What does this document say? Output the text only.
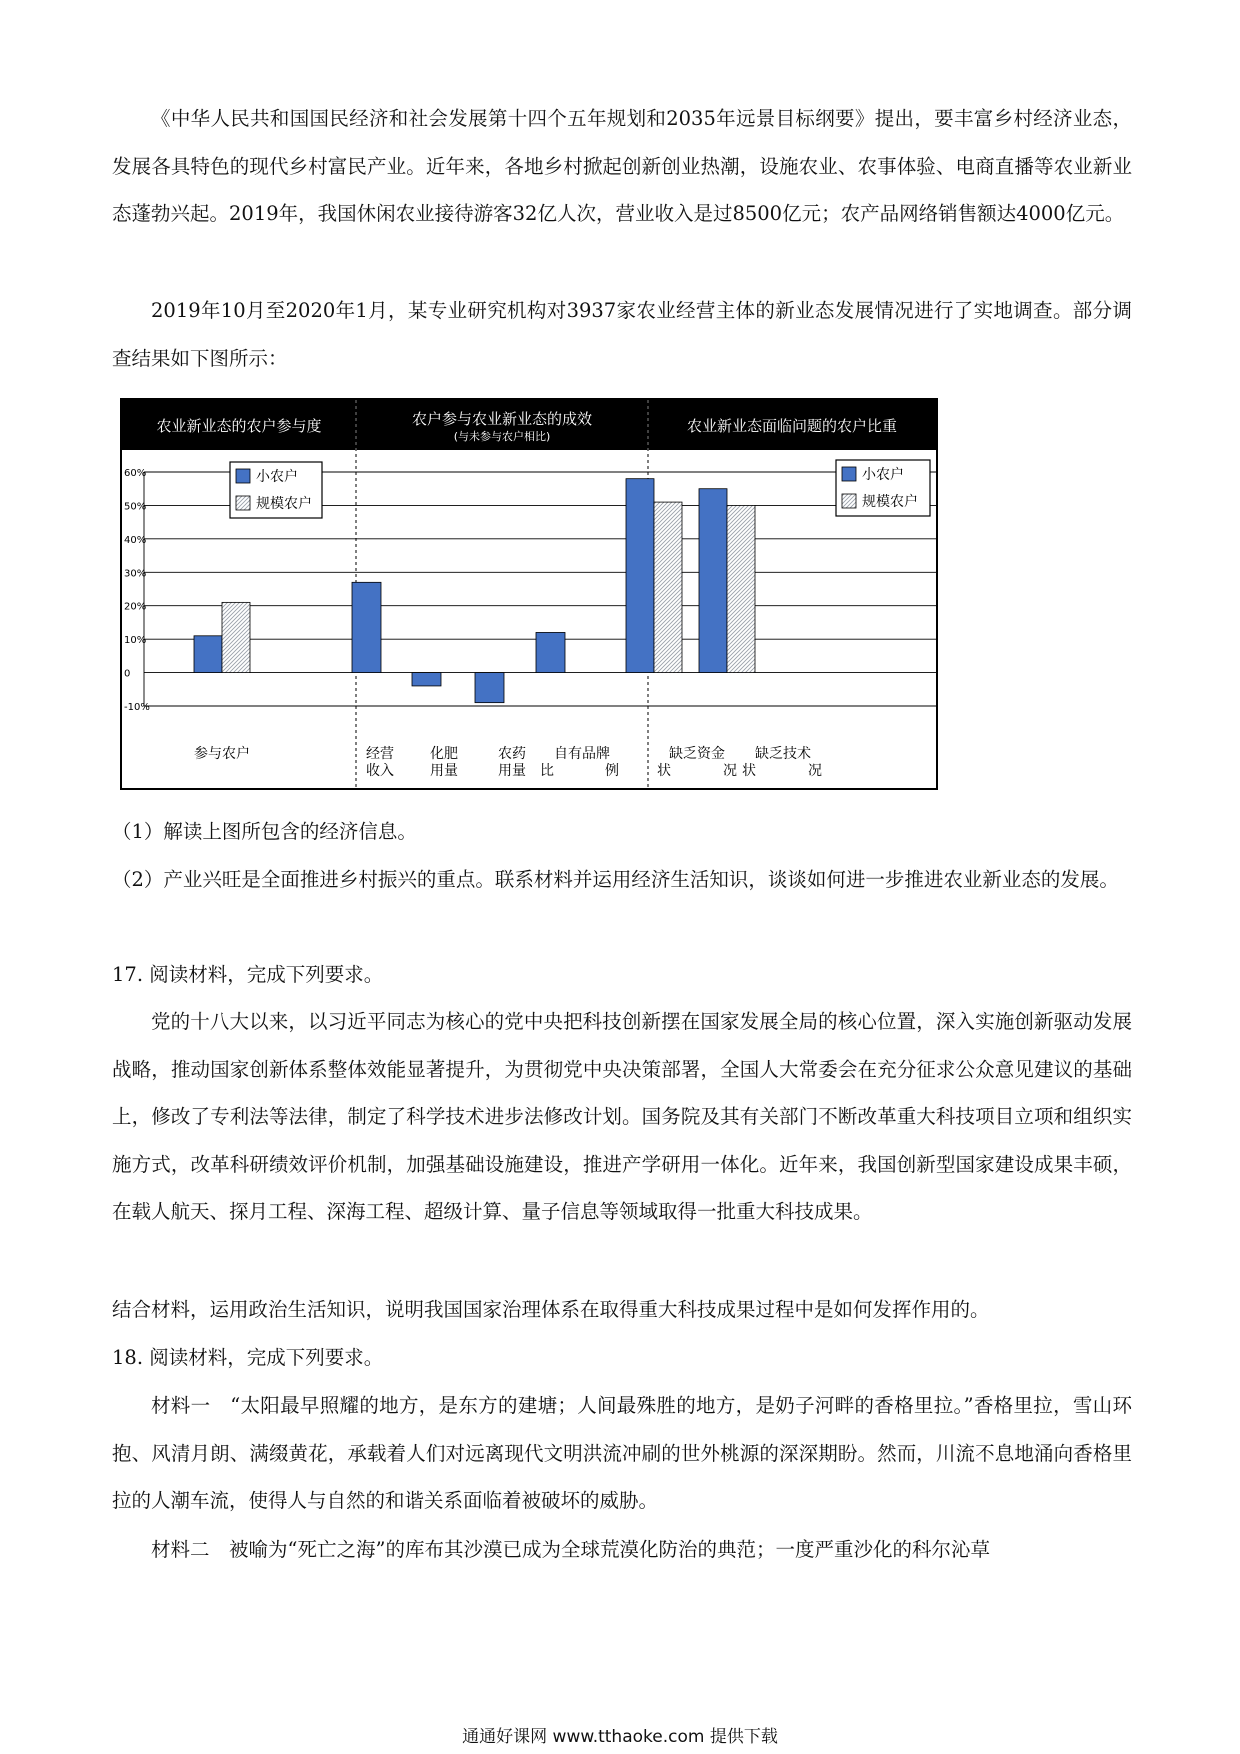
《中华人民共和国国民经济和社会发展第十四个五年规划和2035年远景目标纲要》提出，要丰富乡村经济业态，发展各具特色的现代乡村富民产业。近年来，各地乡村掀起创新创业热潮，设施农业、农事体验、电商直播等农业新业态蓬勃兴起。2019年，我国休闲农业接待游客32亿人次，营业收入是过8500亿元；农产品网络销售额达4000亿元。

2019年10月至2020年1月，某专业研究机构对3937家农业经营主体的新业态发展情况进行了实地调查。部分调查结果如下图所示：

农业新业态的农户参与度	农户参与农业新业态的成效
(与未参与农户相比)
农业新业态面临问题的农户比重
60%
50%
40%
30%
20%
10%
0
-10%
小农户
规模农户
小农户
规模农户
参与农户	经营
收入
化肥
用量
农药
用量
自有品牌
比	例
缺乏资金
状	况
缺乏技术
状	况

（1）解读上图所包含的经济信息。

（2）产业兴旺是全面推进乡村振兴的重点。联系材料并运用经济生活知识，谈谈如何进一步推进农业新业态的发展。

17. 阅读材料，完成下列要求。

党的十八大以来，以习近平同志为核心的党中央把科技创新摆在国家发展全局的核心位置，深入实施创新驱动发展战略，推动国家创新体系整体效能显著提升，为贯彻党中央决策部署，全国人大常委会在充分征求公众意见建议的基础上，修改了专利法等法律，制定了科学技术进步法修改计划。国务院及其有关部门不断改革重大科技项目立项和组织实施方式，改革科研绩效评价机制，加强基础设施建设，推进产学研用一体化。近年来，我国创新型国家建设成果丰硕，在载人航天、探月工程、深海工程、超级计算、量子信息等领域取得一批重大科技成果。

结合材料，运用政治生活知识，说明我国国家治理体系在取得重大科技成果过程中是如何发挥作用的。

18. 阅读材料，完成下列要求。

材料一　“太阳最早照耀的地方，是东方的建塘；人间最殊胜的地方，是奶子河畔的香格里拉。”香格里拉，雪山环抱、风清月朗、满缀黄花，承载着人们对远离现代文明洪流冲刷的世外桃源的深深期盼。然而，川流不息地涌向香格里拉的人潮车流，使得人与自然的和谐关系面临着被破坏的威胁。

材料二　被喻为“死亡之海”的库布其沙漠已成为全球荒漠化防治的典范；一度严重沙化的科尔沁草

通通好课网 www.tthaoke.com 提供下载
